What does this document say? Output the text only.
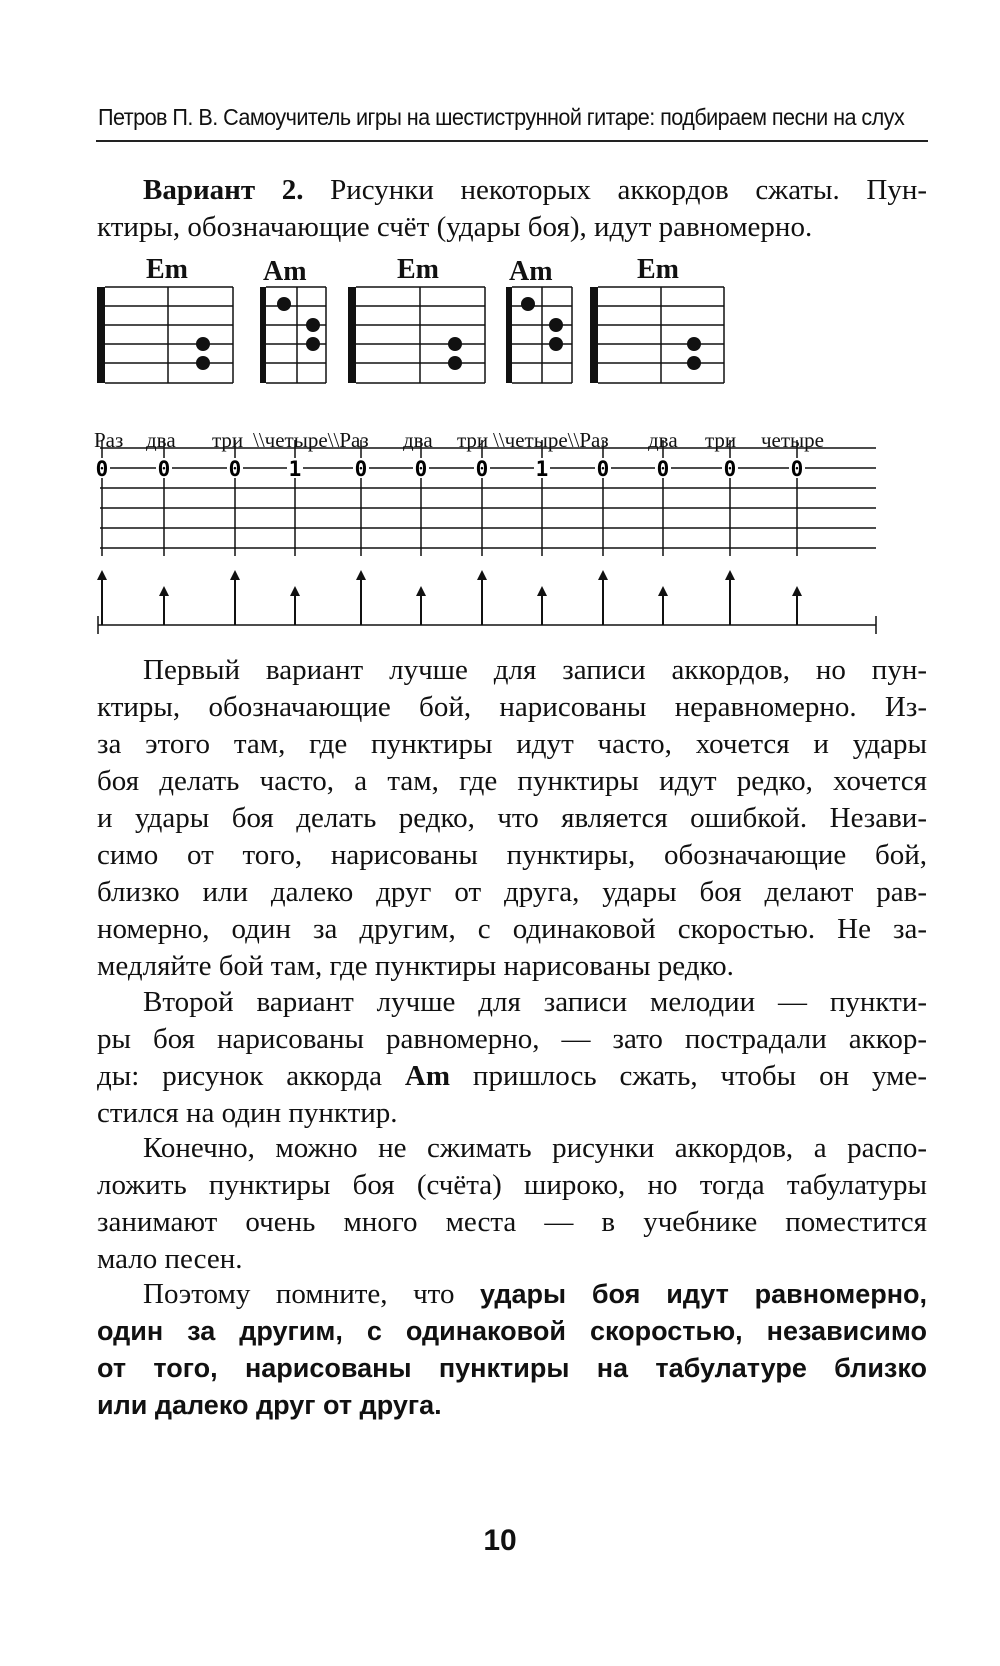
Петров П. В. Самоучитель игры на шестиструнной гитаре: подбираем песни на слух
Вариант 2. Рисунки некоторых аккордов сжаты. Пун-
ктиры, обозначающие счёт (удары боя), идут равномерно.
Em	Am	Em	Am	Em
0 0	0 1	0 0 0 1 0 0	0	0
Раз два три \\четыре\\Раз два три \\четыре\\Раз два три четыре
Первый вариант лучше для записи аккордов, но пун-
ктиры, обозначающие бой, нарисованы неравномерно. Из-
за этого там, где пунктиры идут часто, хочется и удары
боя делать часто, а там, где пунктиры идут редко, хочется
и удары боя делать редко, что является ошибкой. Незави-
симо от того, нарисованы пунктиры, обозначающие бой,
близко или далеко друг от друга, удары боя делают рав-
номерно, один за другим, с одинаковой скоростью. Не за-
медляйте бой там, где пунктиры нарисованы редко.
Второй вариант лучше для записи мелодии — пункти-
ры боя нарисованы равномерно, — зато пострадали аккор-
ды: рисунок аккорда Am пришлось сжать, чтобы он уме-
стился на один пунктир.
Конечно, можно не сжимать рисунки аккордов, а распо-
ложить пунктиры боя (счёта) широко, но тогда табулатуры
занимают очень много места — в учебнике поместится
мало песен.
Поэтому помните, что удары боя идут равномерно,
один за другим, с одинаковой скоростью, независимо
от того, нарисованы пунктиры на табулатуре близко
или далеко друг от друга.
10
